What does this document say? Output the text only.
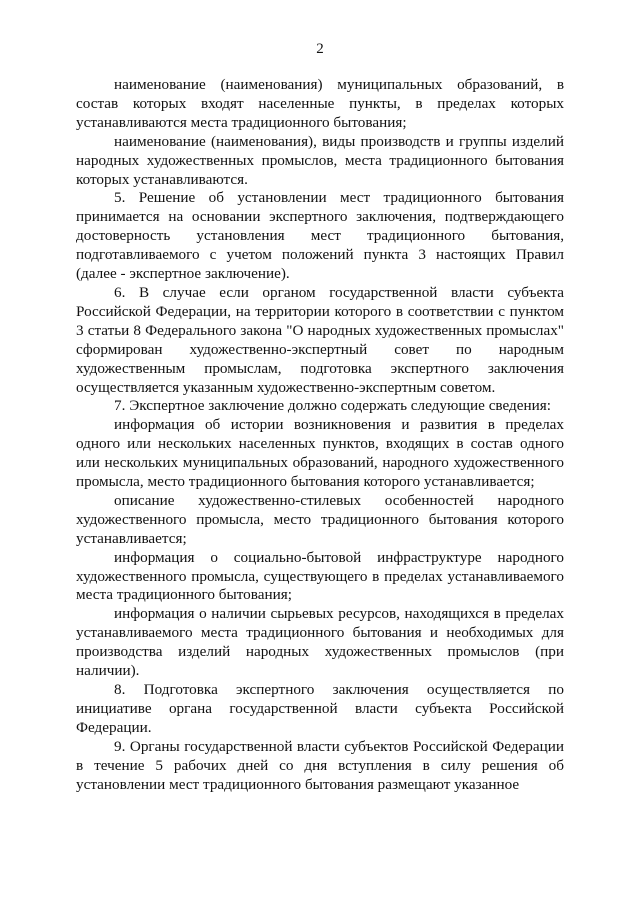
2

наименование (наименования) муниципальных образований, в состав которых входят населенные пункты, в пределах которых устанавливаются места традиционного бытования;

наименование (наименования), виды производств и группы изделий народных художественных промыслов, места традиционного бытования которых устанавливаются.

5. Решение об установлении мест традиционного бытования принимается на основании экспертного заключения, подтверждающего достоверность установления мест традиционного бытования, подготавливаемого с учетом положений пункта 3 настоящих Правил (далее - экспертное заключение).

6. В случае если органом государственной власти субъекта Российской Федерации, на территории которого в соответствии с пунктом 3 статьи 8 Федерального закона "О народных художественных промыслах" сформирован художественно-экспертный совет по народным художественным промыслам, подготовка экспертного заключения осуществляется указанным художественно-экспертным советом.

7. Экспертное заключение должно содержать следующие сведения:

информация об истории возникновения и развития в пределах одного или нескольких населенных пунктов, входящих в состав одного или нескольких муниципальных образований, народного художественного промысла, место традиционного бытования которого устанавливается;

описание художественно-стилевых особенностей народного художественного промысла, место традиционного бытования которого устанавливается;

информация о социально-бытовой инфраструктуре народного художественного промысла, существующего в пределах устанавливаемого места традиционного бытования;

информация о наличии сырьевых ресурсов, находящихся в пределах устанавливаемого места традиционного бытования и необходимых для производства изделий народных художественных промыслов (при наличии).

8. Подготовка экспертного заключения осуществляется по инициативе органа государственной власти субъекта Российской Федерации.

9. Органы государственной власти субъектов Российской Федерации в течение 5 рабочих дней со дня вступления в силу решения об установлении мест традиционного бытования размещают указанное
